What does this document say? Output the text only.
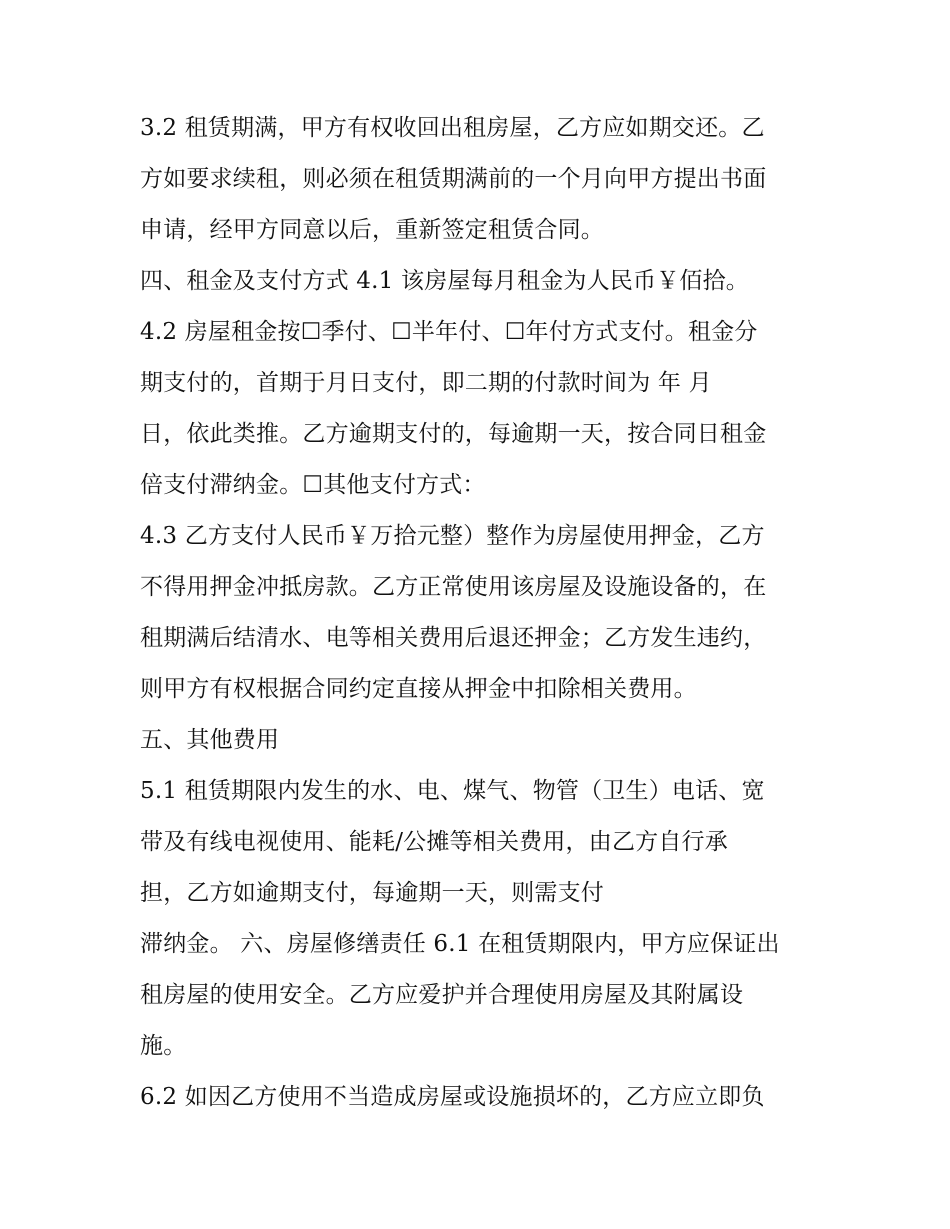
3.2 租赁期满，甲方有权收回出租房屋，乙方应如期交还。乙
方如要求续租，则必须在租赁期满前的一个月向甲方提出书面
申请，经甲方同意以后，重新签定租赁合同。
四、租金及支付方式 4.1 该房屋每月租金为人民币￥佰拾。
4.2 房屋租金按☐季付、☐半年付、☐年付方式支付。租金分
期支付的，首期于月日支付，即二期的付款时间为 年 月
日，依此类推。乙方逾期支付的，每逾期一天，按合同日租金
倍支付滞纳金。☐其他支付方式：
4.3 乙方支付人民币￥万拾元整）整作为房屋使用押金，乙方
不得用押金冲抵房款。乙方正常使用该房屋及设施设备的，在
租期满后结清水、电等相关费用后退还押金；乙方发生违约，
则甲方有权根据合同约定直接从押金中扣除相关费用。
五、其他费用
5.1 租赁期限内发生的水、电、煤气、物管（卫生）电话、宽
带及有线电视使用、能耗/公摊等相关费用，由乙方自行承
担，乙方如逾期支付，每逾期一天，则需支付
滞纳金。 六、房屋修缮责任 6.1 在租赁期限内，甲方应保证出
租房屋的使用安全。乙方应爱护并合理使用房屋及其附属设
施。
6.2 如因乙方使用不当造成房屋或设施损坏的，乙方应立即负
